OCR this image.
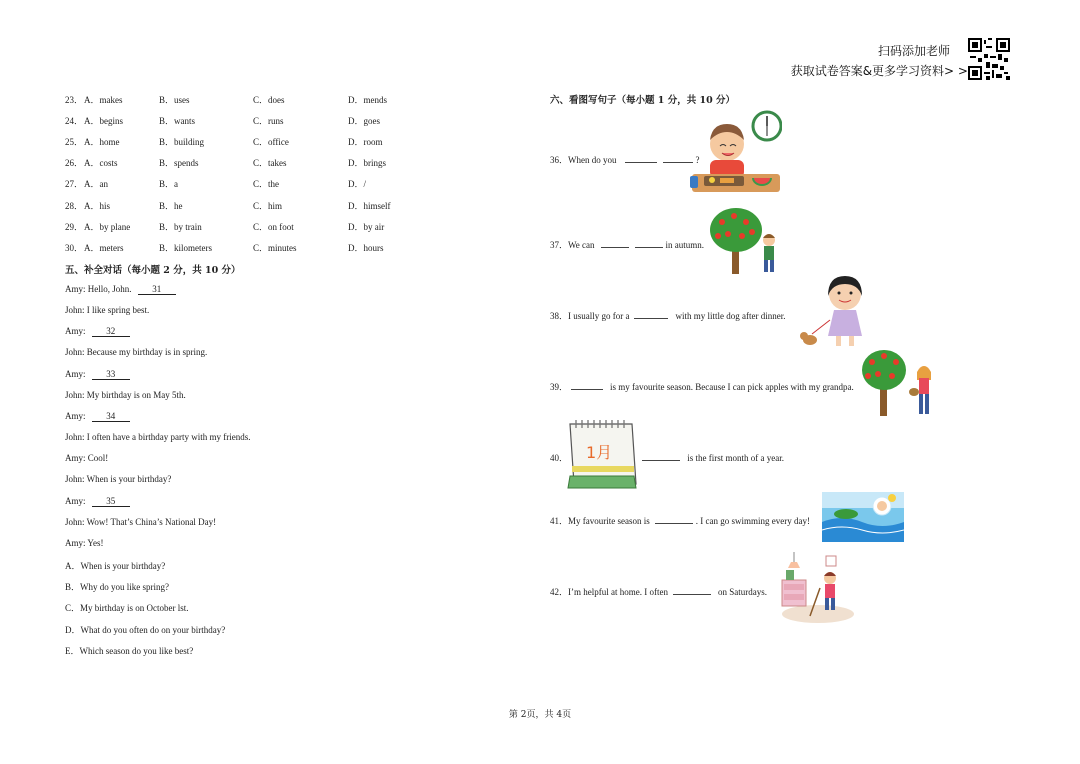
扫码添加老师
获取试卷答案&更多学习资料> >
23． A．makes	B．uses	C．does	D．mends
24． A．begins	B．wants	C．runs	D．goes
25． A．home	B．building	C．office	D．room
26． A．costs	B．spends	C．takes	D．brings
27． A．an	B．a	C．the	D．/
28． A．his	B．he	C．him	D．himself
29． A．by plane	B．by train	C．on foot	D．by air
30． A．meters	B．kilometers	C．minutes	D．hours
五、补全对话（每小题 2 分，共 10 分）
Amy: Hello, John. 31
John: I like spring best.
Amy: 32
John: Because my birthday is in spring.
Amy: 33
John: My birthday is on May 5th.
Amy: 34
John: I often have a birthday party with my friends.
Amy: Cool!
John: When is your birthday?
Amy: 35
John: Wow! That’s China’s National Day!
Amy: Yes!
A．When is your birthday?
B．Why do you like spring?
C．My birthday is on October lst.
D．What do you often do on your birthday?
E．Which season do you like best?
六、看图写句子（每小题 1 分，共 10 分）
36．When do you	?
37．We can	in autumn.
38．I usually go for a	with my little dog after dinner.
39．	is my favourite season. Because I can pick apples with my grandpa.
40．	is the first month of a year.
41．My favourite season is	. I can go swimming every day!
42．I’m helpful at home. I often	on Saturdays.
1月
第 2页，共 4页
